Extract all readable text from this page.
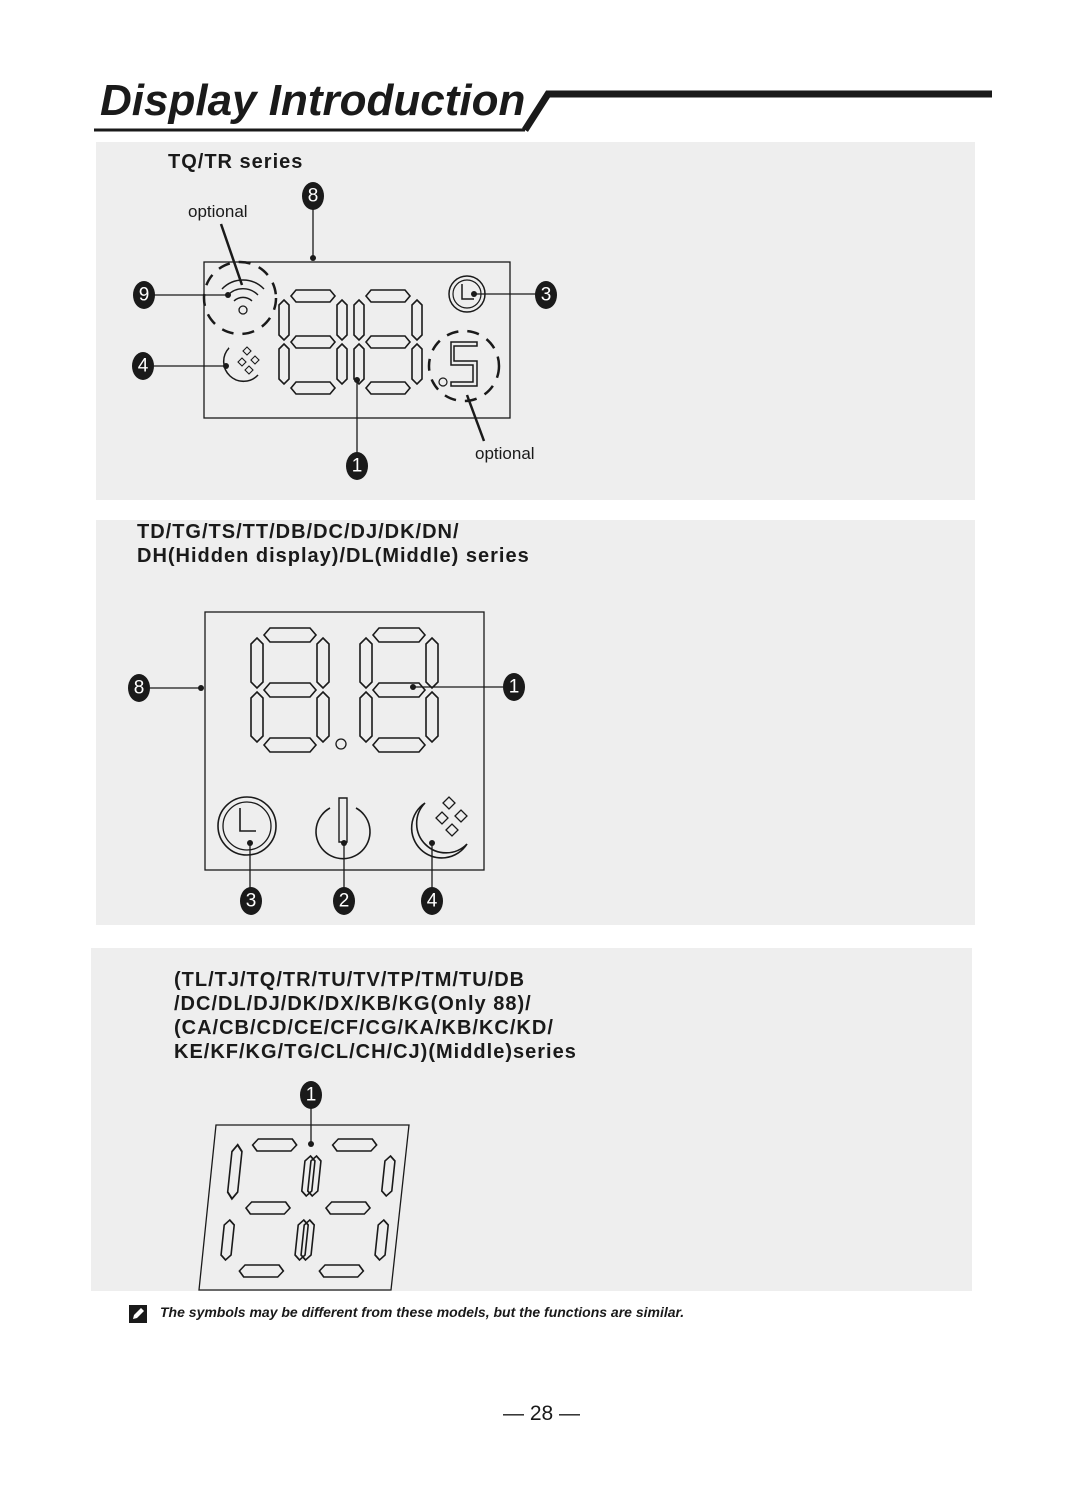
Display Introduction
TQ/TR series
TD/TG/TS/TT/DB/DC/DJ/DK/DN/
DH(Hidden display)/DL(Middle) series
(TL/TJ/TQ/TR/TU/TV/TP/TM/TU/DB
/DC/DL/DJ/DK/DX/KB/KG(Only 88)/
(CA/CB/CD/CE/CF/CG/KA/KB/KC/KD/
KE/KF/KG/TG/CL/CH/CJ)(Middle)series
optional
optional
8
9	3
4
1
8	1
3	2	4
1
The symbols may be different from these models, but the functions are similar.
— 28 —
